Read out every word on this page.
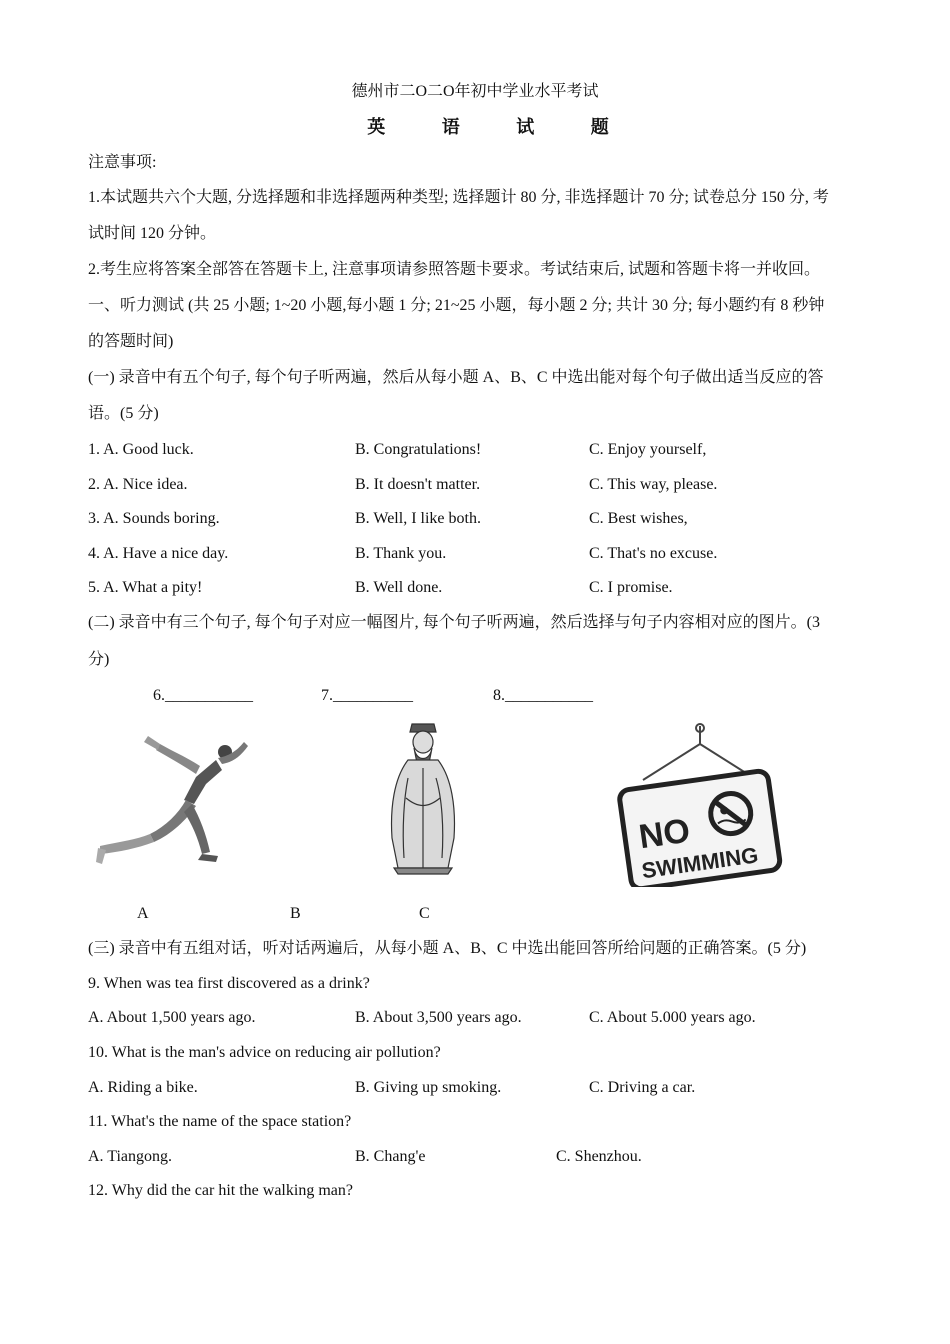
德州市二O二O年初中学业水平考试
英 语 试 题
注意事项:
1.本试题共六个大题, 分选择题和非选择题两种类型; 选择题计 80 分, 非选择题计 70 分; 试卷总分 150 分, 考
试时间 120 分钟。
2.考生应将答案全部答在答题卡上, 注意事项请参照答题卡要求。考试结束后, 试题和答题卡将一并收回。
一、听力测试 (共 25 小题; 1~20 小题,每小题 1 分; 21~25 小题，每小题 2 分; 共计 30 分; 每小题约有 8 秒钟
的答题时间)
(一) 录音中有五个句子, 每个句子听两遍，然后从每小题 A、B、C 中选出能对每个句子做出适当反应的答
语。(5 分)
1. A. Good luck.	B. Congratulations!	C. Enjoy yourself,
2. A. Nice idea.	B. It doesn't matter.	C. This way, please.
3. A. Sounds boring.	B. Well, I like both.	C. Best wishes,
4. A. Have a nice day.	B. Thank you.	C. That's no excuse.
5. A. What a pity!	B. Well done.	C. I promise.
(二) 录音中有三个句子, 每个句子对应一幅图片, 每个句子听两遍，然后选择与句子内容相对应的图片。(3
分)
6.___________	7.__________	8.___________
NO
SWIMMING
A	B	C
(三) 录音中有五组对话，听对话两遍后，从每小题 A、B、C 中选出能回答所给问题的正确答案。(5 分)
9. When was tea first discovered as a drink?
A. About 1,500 years ago.	B. About 3,500 years ago.	C. About 5.000 years ago.
10. What is the man's advice on reducing air pollution?
A. Riding a bike.	B. Giving up smoking.	C. Driving a car.
11. What's the name of the space station?
A. Tiangong.	B. Chang'e	C. Shenzhou.
12. Why did the car hit the walking man?
